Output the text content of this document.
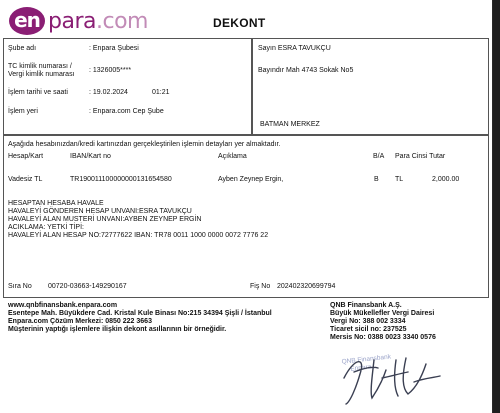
en para.com	DEKONT
Şube adı	: Enpara Şubesi
TC kimlik numarası /
Vergi kimlik numarası
: 1326005****
İşlem tarihi ve saati	: 19.02.2024	01:21
İşlem yeri	: Enpara.com Cep Şube
Sayın ESRA TAVUKÇU
Bayındır Mah 4743 Sokak No5
BATMAN MERKEZ
Aşağıda hesabınızdan/kredi kartınızdan gerçekleştirilen işlemin detayları yer almaktadır.
Hesap/Kart	IBAN/Kart no	Açıklama	B/A Para Cinsi Tutar
Vadesiz TL	TR190011100000000131654580	Ayben Zeynep Ergin,	B TL	2,000.00
HESAPTAN HESABA HAVALE
HAVALEYİ GÖNDEREN HESAP UNVANI:ESRA TAVUKÇU
HAVALEYİ ALAN MUSTERİ UNVANI:AYBEN ZEYNEP ERGİN
ACIKLAMA: YETKİ TİPİ:
HAVALEYİ ALAN HESAP NO:72777622 IBAN: TR78 0011 1000 0000 0072 7776 22
Sıra No 00720-03663-149290167	Fiş No 202402320699794
www.qnbfinansbank.enpara.com
Esentepe Mah. Büyükdere Cad. Kristal Kule Binası No:215 34394 Şişli / İstanbul
Enpara.com Çözüm Merkezi: 0850 222 3663
Müşterinin yaptığı işlemlere ilişkin dekont asıllarının bir örneğidir.
QNB Finansbank A.Ş.
Büyük Mükellefler Vergi Dairesi
Vergi No: 388 002 3334
Ticaret sicil no: 237525
Mersis No: 0388 0023 3340 0576
QNB Finansbank
Enpara
